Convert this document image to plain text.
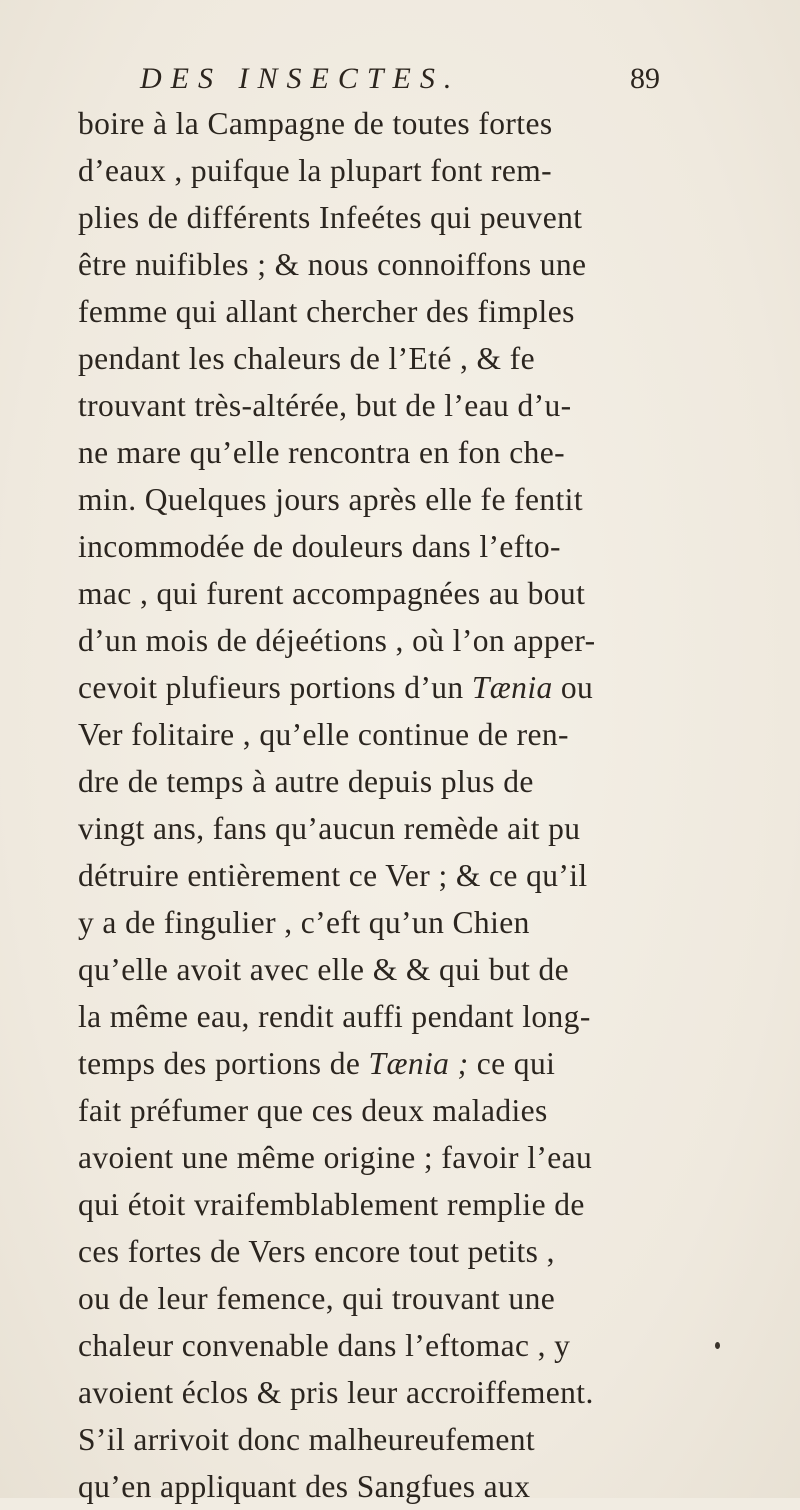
DES INSECTES.	89
boire à la Campagne de toutes fortes
d’eaux , puifque la plupart font rem-
plies de différents Infeétes qui peuvent
être nuifibles ; & nous connoiffons une
femme qui allant chercher des fimples
pendant les chaleurs de l’Eté , & fe
trouvant très-altérée, but de l’eau d’u-
ne mare qu’elle rencontra en fon che-
min. Quelques jours après elle fe fentit
incommodée de douleurs dans l’efto-
mac , qui furent accompagnées au bout
d’un mois de déjeétions , où l’on apper-
cevoit plufieurs portions d’un Tænia ou
Ver folitaire , qu’elle continue de ren-
dre de temps à autre depuis plus de
vingt ans, fans qu’aucun remède ait pu
détruire entièrement ce Ver ; & ce qu’il
y a de fingulier , c’eft qu’un Chien
qu’elle avoit avec elle & & qui but de
la même eau, rendit auffi pendant long-
temps des portions de Tænia ; ce qui
fait préfumer que ces deux maladies
avoient une même origine ; favoir l’eau
qui étoit vraifemblablement remplie de
ces fortes de Vers encore tout petits ,
ou de leur femence, qui trouvant une
chaleur convenable dans l’eftomac , y
avoient éclos & pris leur accroiffement.
S’il arrivoit donc malheureufement
qu’en appliquant des Sangfues aux
